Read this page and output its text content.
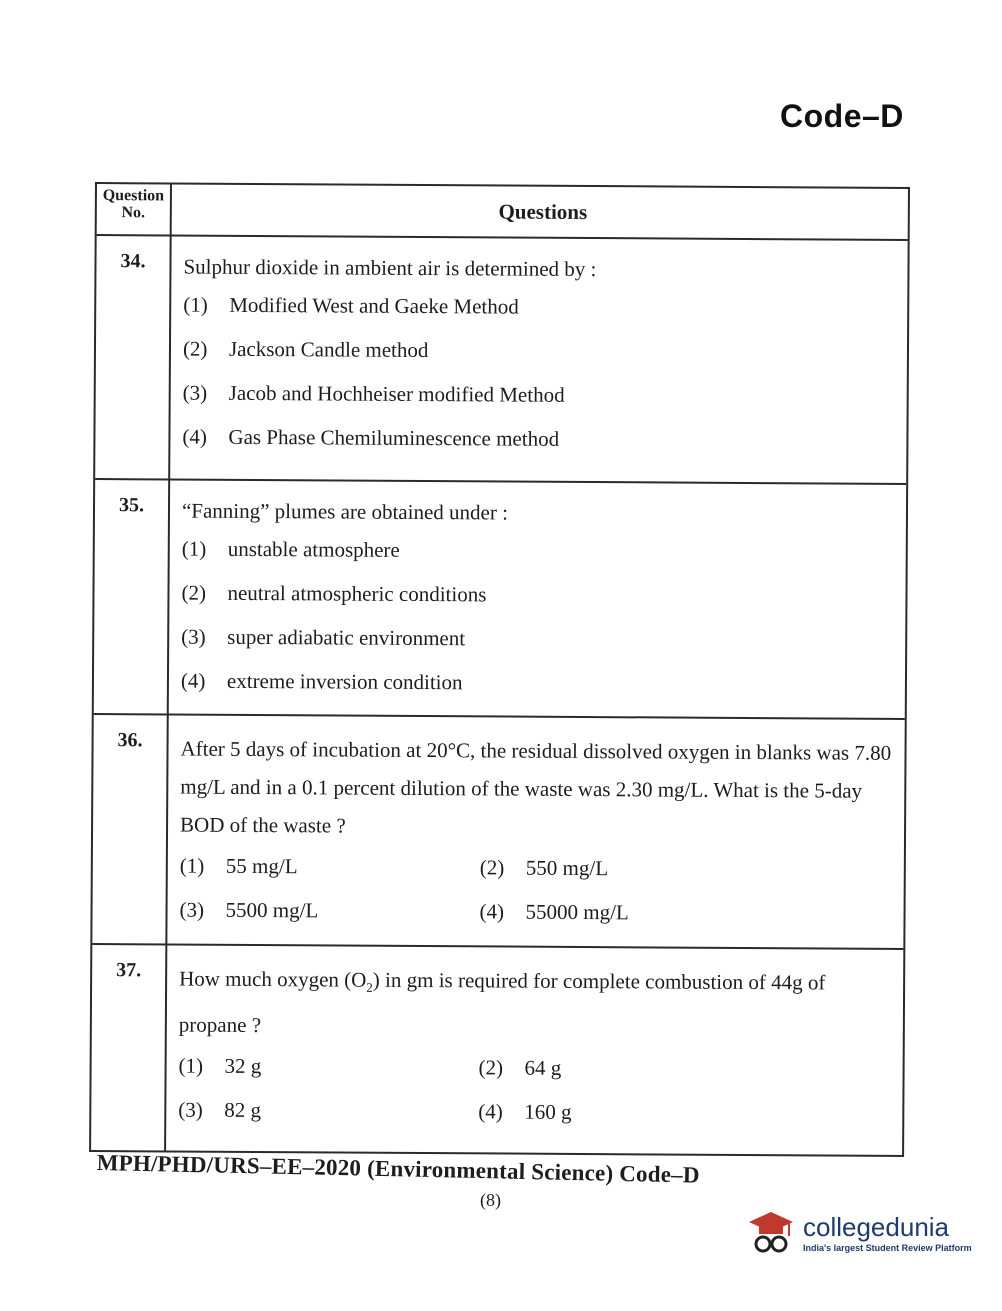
Code–D
Question No.	Questions
34.	Sulphur dioxide in ambient air is determined by :
(1)	Modified West and Gaeke Method
(2)	Jackson Candle method
(3)	Jacob and Hochheiser modified Method
(4)	Gas Phase Chemiluminescence method
35.	“Fanning” plumes are obtained under :
(1)	unstable atmosphere
(2)	neutral atmospheric conditions
(3)	super adiabatic environment
(4)	extreme inversion condition
36.	After 5 days of incubation at 20°C, the residual dissolved oxygen in blanks was 7.80 mg/L and in a 0.1 percent dilution of the waste was 2.30 mg/L. What is the 5-day BOD of the waste ?
(1)	55 mg/L	(2)	550 mg/L
(3)	5500 mg/L	(4)	55000 mg/L
37.	How much oxygen $(O_2)$ in gm is required for complete combustion of 44g of propane ?
(1)	32 g	(2)	64 g
(3)	82 g	(4)	160 g
MPH/PHD/URS–EE–2020 (Environmental Science) Code–D
(8)
collegedunia
India's largest Student Review Platform
